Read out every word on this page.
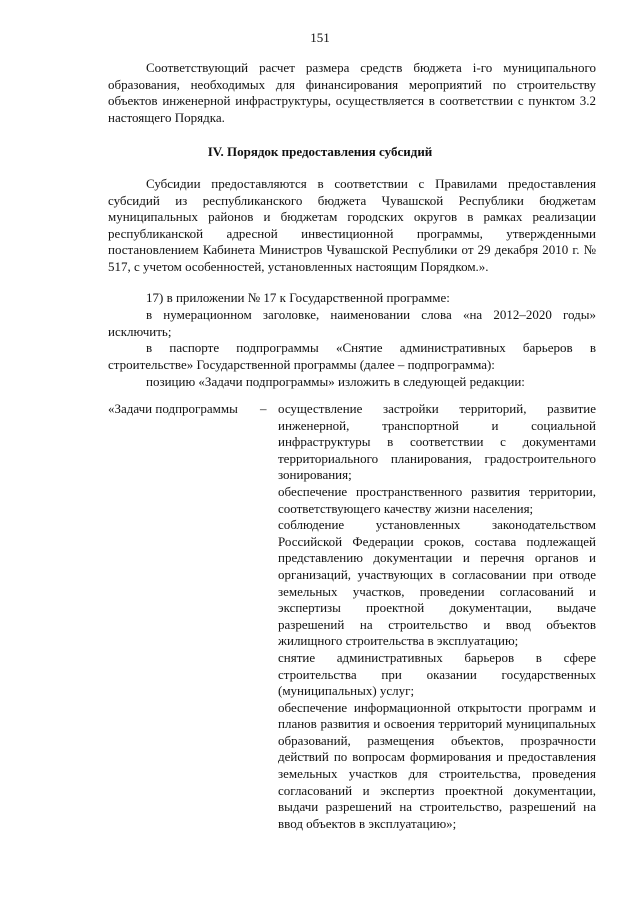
151
Соответствующий расчет размера средств бюджета i-го муниципального образования, необходимых для финансирования мероприятий по строительству объектов инженерной инфраструктуры, осуществляется в соответствии с пунктом 3.2 настоящего Порядка.
IV. Порядок предоставления субсидий
Субсидии предоставляются в соответствии с Правилами предоставления субсидий из республиканского бюджета Чувашской Республики бюджетам муниципальных районов и бюджетам городских округов в рамках реализации республиканской адресной инвестиционной программы, утвержденными постановлением Кабинета Министров Чувашской Республики от 29 декабря 2010 г. № 517, с учетом особенностей, установленных настоящим Порядком.».
17) в приложении № 17 к Государственной программе:
в нумерационном заголовке, наименовании слова «на 2012–2020 годы» исключить;
в паспорте подпрограммы «Снятие административных барьеров в строительстве» Государственной программы (далее – подпрограмма):
позицию «Задачи подпрограммы» изложить в следующей редакции:
«Задачи подпрограммы	– осуществление застройки территорий, развитие инженерной, транспортной и социальной инфраструктуры в соответствии с документами территориального планирования, градостроительного зонирования;

обеспечение пространственного развития территории, соответствующего качеству жизни населения;

соблюдение установленных законодательством Российской Федерации сроков, состава подлежащей представлению документации и перечня органов и организаций, участвующих в согласовании при отводе земельных участков, проведении согласований и экспертизы проектной документации, выдаче разрешений на строительство и ввод объектов жилищного строительства в эксплуатацию;

снятие административных барьеров в сфере строительства при оказании государственных (муниципальных) услуг;

обеспечение информационной открытости программ и планов развития и освоения территорий муниципальных образований, размещения объектов, прозрачности действий по вопросам формирования и предоставления земельных участков для строительства, проведения согласований и экспертиз проектной документации, выдачи разрешений на строительство, разрешений на ввод объектов в эксплуатацию»;
